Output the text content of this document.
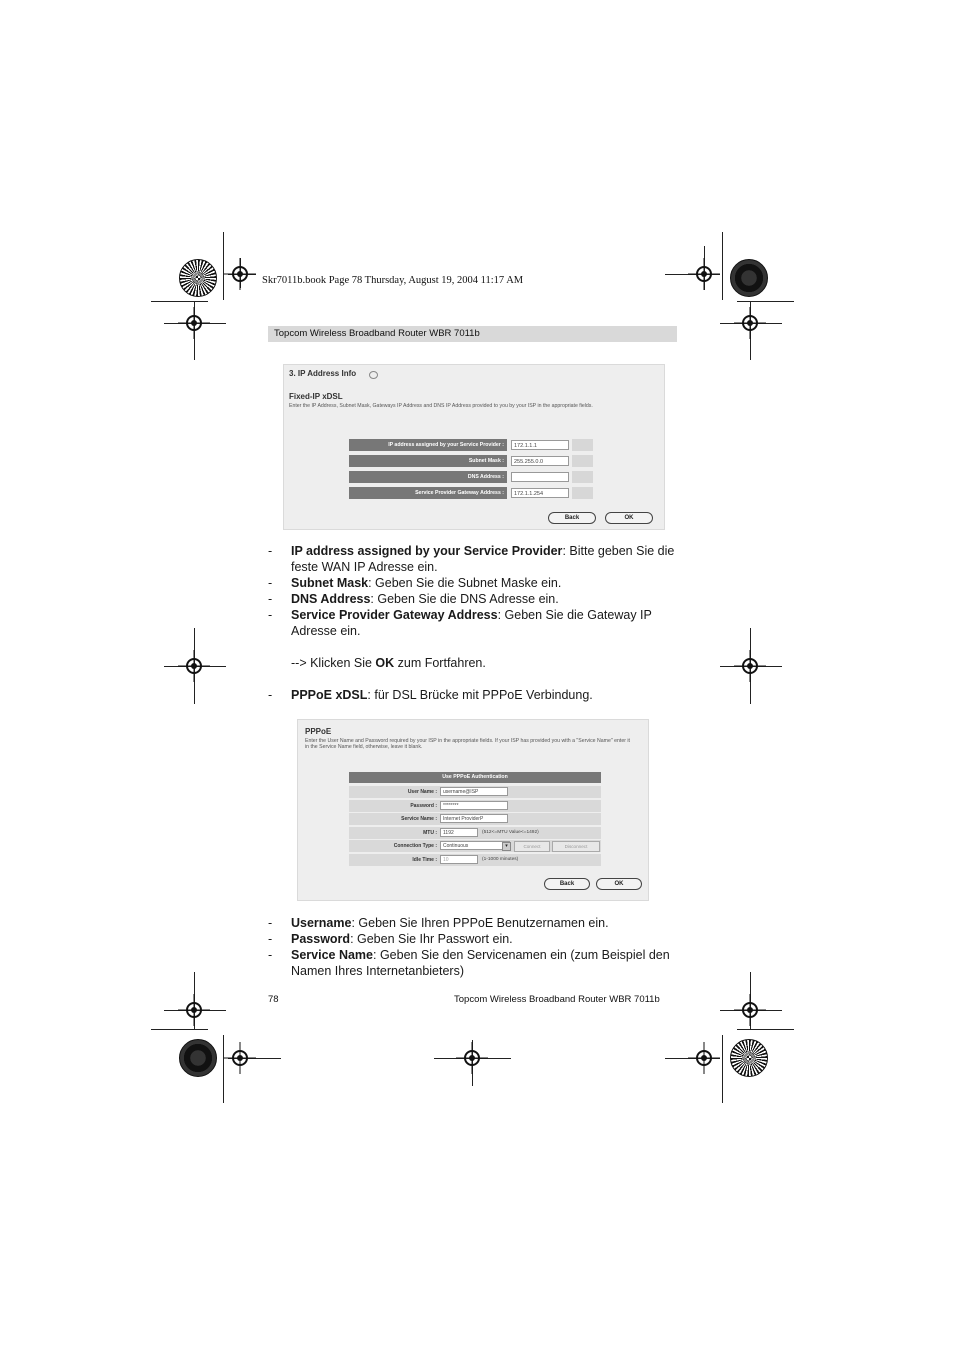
Skr7011b.book Page 78 Thursday, August 19, 2004 11:17 AM
Topcom Wireless Broadband Router WBR 7011b
3. IP Address Info
Fixed-IP xDSL
Enter the IP Address, Subnet Mask, Gateways IP Address and DNS IP Address provided to you by your ISP in the appropriate fields.
IP address assigned by your Service Provider :	172.1.1.1
Subnet Mask :	255.255.0.0
DNS Address :
Service Provider Gateway Address :	172.1.1.254
Back	OK
- IP address assigned by your Service Provider: Bitte geben Sie die feste WAN IP Adresse ein.
- Subnet Mask: Geben Sie die Subnet Maske ein.
- DNS Address: Geben Sie die DNS Adresse ein.
- Service Provider Gateway Address: Geben Sie die Gateway IP Adresse ein.
--> Klicken Sie OK zum Fortfahren.
- PPPoE xDSL: für DSL Brücke mit PPPoE Verbindung.
PPPoE
Enter the User Name and Password required by your ISP in the appropriate fields. If your ISP has provided you with a "Service Name" enter it in the Service Name field, otherwise, leave it blank.
Use PPPoE Authentication
User Name :	username@ISP
Password :	********
Service Name :	Internet ProviderP
MTU :	1192	(512<=MTU Value<=1492)
Connection Type :	Continuous	▾	Connect	Disconnect
Idle Time :	10	(1-1000 minutes)
Back	OK
- Username: Geben Sie Ihren PPPoE Benutzernamen ein.
- Password: Geben Sie Ihr Passwort ein.
- Service Name: Geben Sie den Servicenamen ein (zum Beispiel den Namen Ihres Internetanbieters)
78	Topcom Wireless Broadband Router WBR 7011b
